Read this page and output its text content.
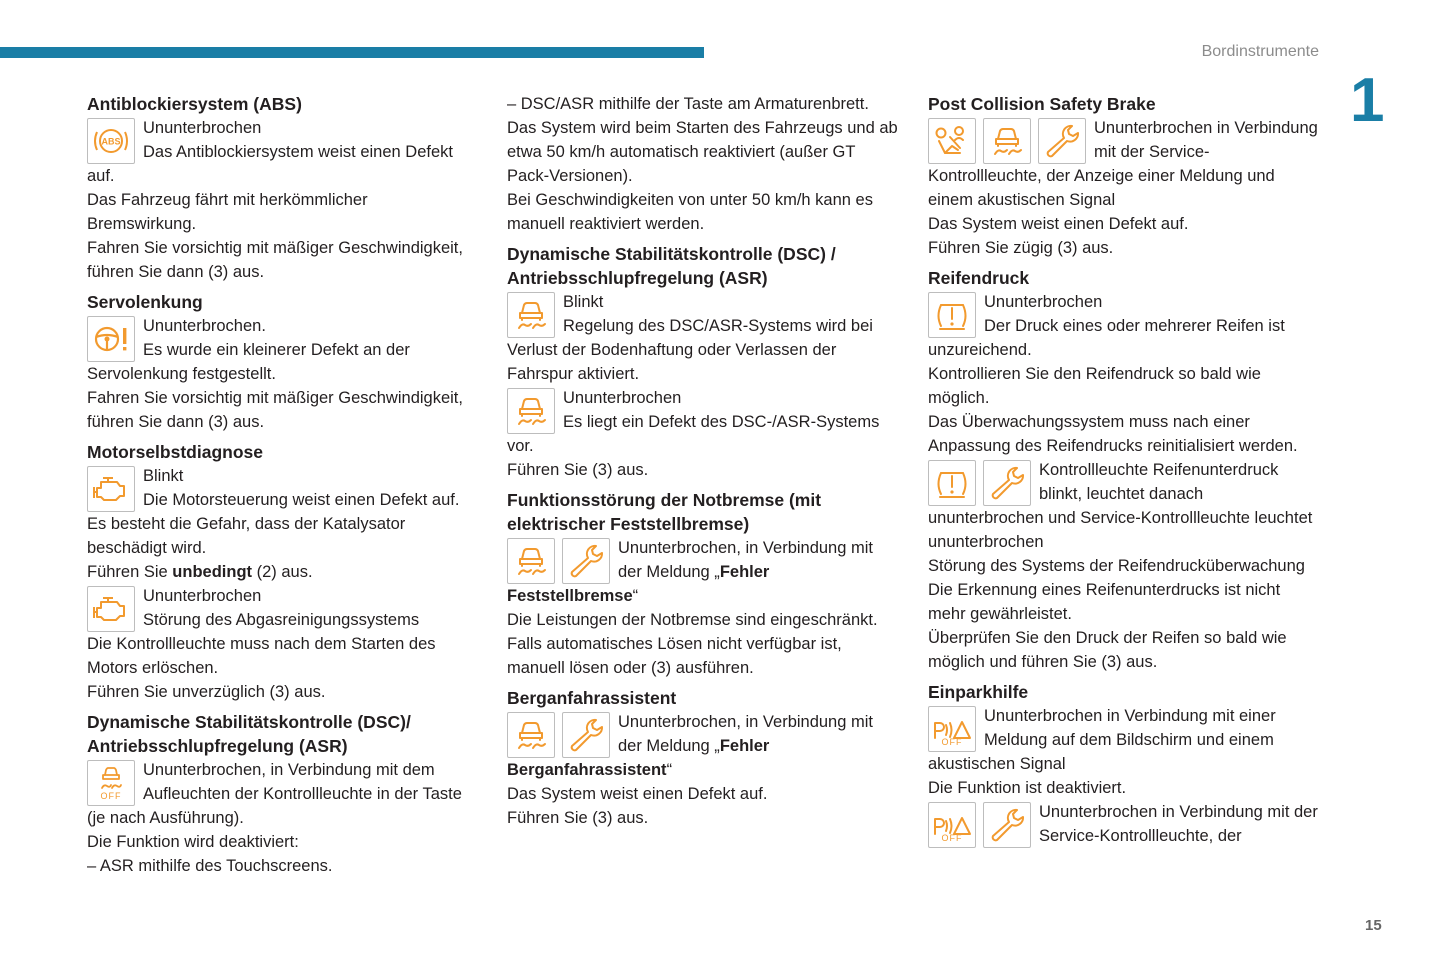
Bordinstrumente
1
15
Antiblockiersystem (ABS)
ABS
Ununterbrochen
Das Antiblockiersystem weist einen Defekt auf.
Das Fahrzeug fährt mit herkömmlicher Bremswirkung.
Fahren Sie vorsichtig mit mäßiger Geschwindigkeit, führen Sie dann (3) aus.
Servolenkung
Ununterbrochen.
Es wurde ein kleinerer Defekt an der Servolenkung festgestellt.
Fahren Sie vorsichtig mit mäßiger Geschwindigkeit, führen Sie dann (3) aus.
Motorselbstdiagnose
Blinkt
Die Motorsteuerung weist einen Defekt auf.
Es besteht die Gefahr, dass der Katalysator beschädigt wird.
Führen Sie unbedingt (2) aus.
Ununterbrochen
Störung des Abgasreinigungssystems
Die Kontrollleuchte muss nach dem Starten des Motors erlöschen.
Führen Sie unverzüglich (3) aus.
Dynamische Stabilitätskontrolle (DSC)/ Antriebsschlupfregelung (ASR)
OFF
Ununterbrochen, in Verbindung mit dem Aufleuchten der Kontrollleuchte in der Taste (je nach Ausführung).
Die Funktion wird deaktiviert:
– ASR mithilfe des Touchscreens.
– DSC/ASR mithilfe der Taste am Armaturenbrett.
Das System wird beim Starten des Fahrzeugs und ab etwa 50 km/h automatisch reaktiviert (außer GT Pack-Versionen).
Bei Geschwindigkeiten von unter 50 km/h kann es manuell reaktiviert werden.
Dynamische Stabilitätskontrolle (DSC) / Antriebsschlupfregelung (ASR)
Blinkt
Regelung des DSC/ASR-Systems wird bei Verlust der Bodenhaftung oder Verlassen der Fahrspur aktiviert.
Ununterbrochen
Es liegt ein Defekt des DSC-/ASR-Systems vor.
Führen Sie (3) aus.
Funktionsstörung der Notbremse (mit elektrischer Feststellbremse)
Ununterbrochen, in Verbindung mit der Meldung „Fehler Feststellbremse“
Die Leistungen der Notbremse sind eingeschränkt.
Falls automatisches Lösen nicht verfügbar ist, manuell lösen oder (3) ausführen.
Berganfahrassistent
Ununterbrochen, in Verbindung mit der Meldung „Fehler Berganfahrassistent“
Das System weist einen Defekt auf.
Führen Sie (3) aus.
Post Collision Safety Brake
Ununterbrochen in Verbindung mit der Service-Kontrollleuchte, der Anzeige einer Meldung und einem akustischen Signal
Das System weist einen Defekt auf.
Führen Sie zügig (3) aus.
Reifendruck
Ununterbrochen
Der Druck eines oder mehrerer Reifen ist unzureichend.
Kontrollieren Sie den Reifendruck so bald wie möglich.
Das Überwachungssystem muss nach einer Anpassung des Reifendrucks reinitialisiert werden.
Kontrollleuchte Reifenunterdruck blinkt, leuchtet danach ununterbrochen und Service-Kontrollleuchte leuchtet ununterbrochen
Störung des Systems der Reifendrucküberwachung
Die Erkennung eines Reifenunterdrucks ist nicht mehr gewährleistet.
Überprüfen Sie den Druck der Reifen so bald wie möglich und führen Sie (3) aus.
Einparkhilfe
OFF
Ununterbrochen in Verbindung mit einer Meldung auf dem Bildschirm und einem akustischen Signal
Die Funktion ist deaktiviert.
OFF
Ununterbrochen in Verbindung mit der Service-Kontrollleuchte, der
